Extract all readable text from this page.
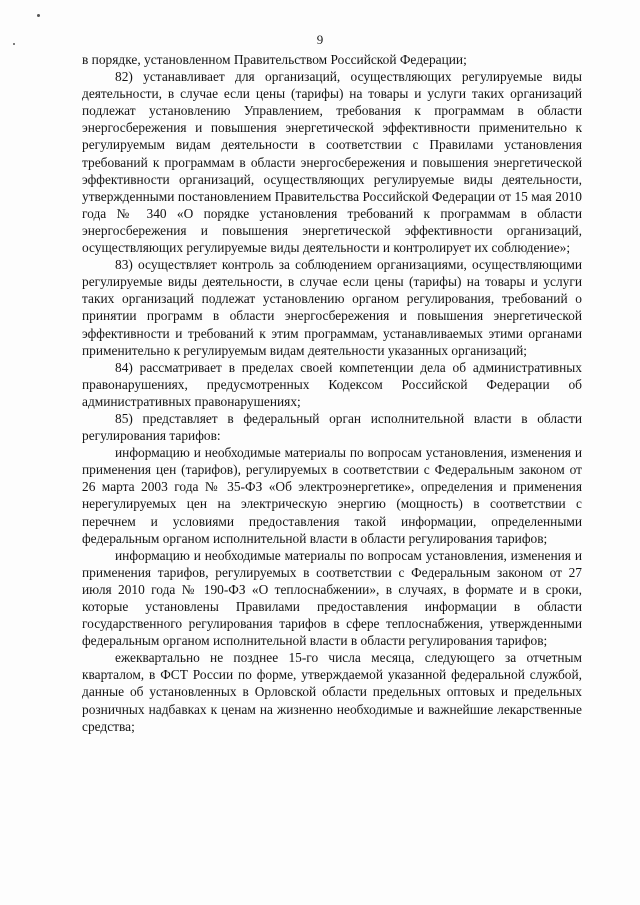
9

в порядке, установленном Правительством Российской Федерации;

82) устанавливает для организаций, осуществляющих регулируемые виды деятельности, в случае если цены (тарифы) на товары и услуги таких организаций подлежат установлению Управлением, требования к программам в области энергосбережения и повышения энергетической эффективности применительно к регулируемым видам деятельности в соответствии с Правилами установления требований к программам в области энергосбережения и повышения энергетической эффективности организаций, осуществляющих регулируемые виды деятельности, утвержденными постановлением Правительства Российской Федерации от 15 мая 2010 года № 340 «О порядке установления требований к программам в области энергосбережения и повышения энергетической эффективности организаций, осуществляющих регулируемые виды деятельности и контролирует их соблюдение»;

83) осуществляет контроль за соблюдением организациями, осуществляющими регулируемые виды деятельности, в случае если цены (тарифы) на товары и услуги таких организаций подлежат установлению органом регулирования, требований о принятии программ в области энергосбережения и повышения энергетической эффективности и требований к этим программам, устанавливаемых этими органами применительно к регулируемым видам деятельности указанных организаций;

84) рассматривает в пределах своей компетенции дела об административных правонарушениях, предусмотренных Кодексом Российской Федерации об административных правонарушениях;

85) представляет в федеральный орган исполнительной власти в области регулирования тарифов:

информацию и необходимые материалы по вопросам установления, изменения и применения цен (тарифов), регулируемых в соответствии с Федеральным законом от 26 марта 2003 года № 35-ФЗ «Об электроэнергетике», определения и применения нерегулируемых цен на электрическую энергию (мощность) в соответствии с перечнем и условиями предоставления такой информации, определенными федеральным органом исполнительной власти в области регулирования тарифов;

информацию и необходимые материалы по вопросам установления, изменения и применения тарифов, регулируемых в соответствии с Федеральным законом от 27 июля 2010 года № 190-ФЗ «О теплоснабжении», в случаях, в формате и в сроки, которые установлены Правилами предоставления информации в области государственного регулирования тарифов в сфере теплоснабжения, утвержденными федеральным органом исполнительной власти в области регулирования тарифов;

ежеквартально не позднее 15-го числа месяца, следующего за отчетным кварталом, в ФСТ России по форме, утверждаемой указанной федеральной службой, данные об установленных в Орловской области предельных оптовых и предельных розничных надбавках к ценам на жизненно необходимые и важнейшие лекарственные средства;
